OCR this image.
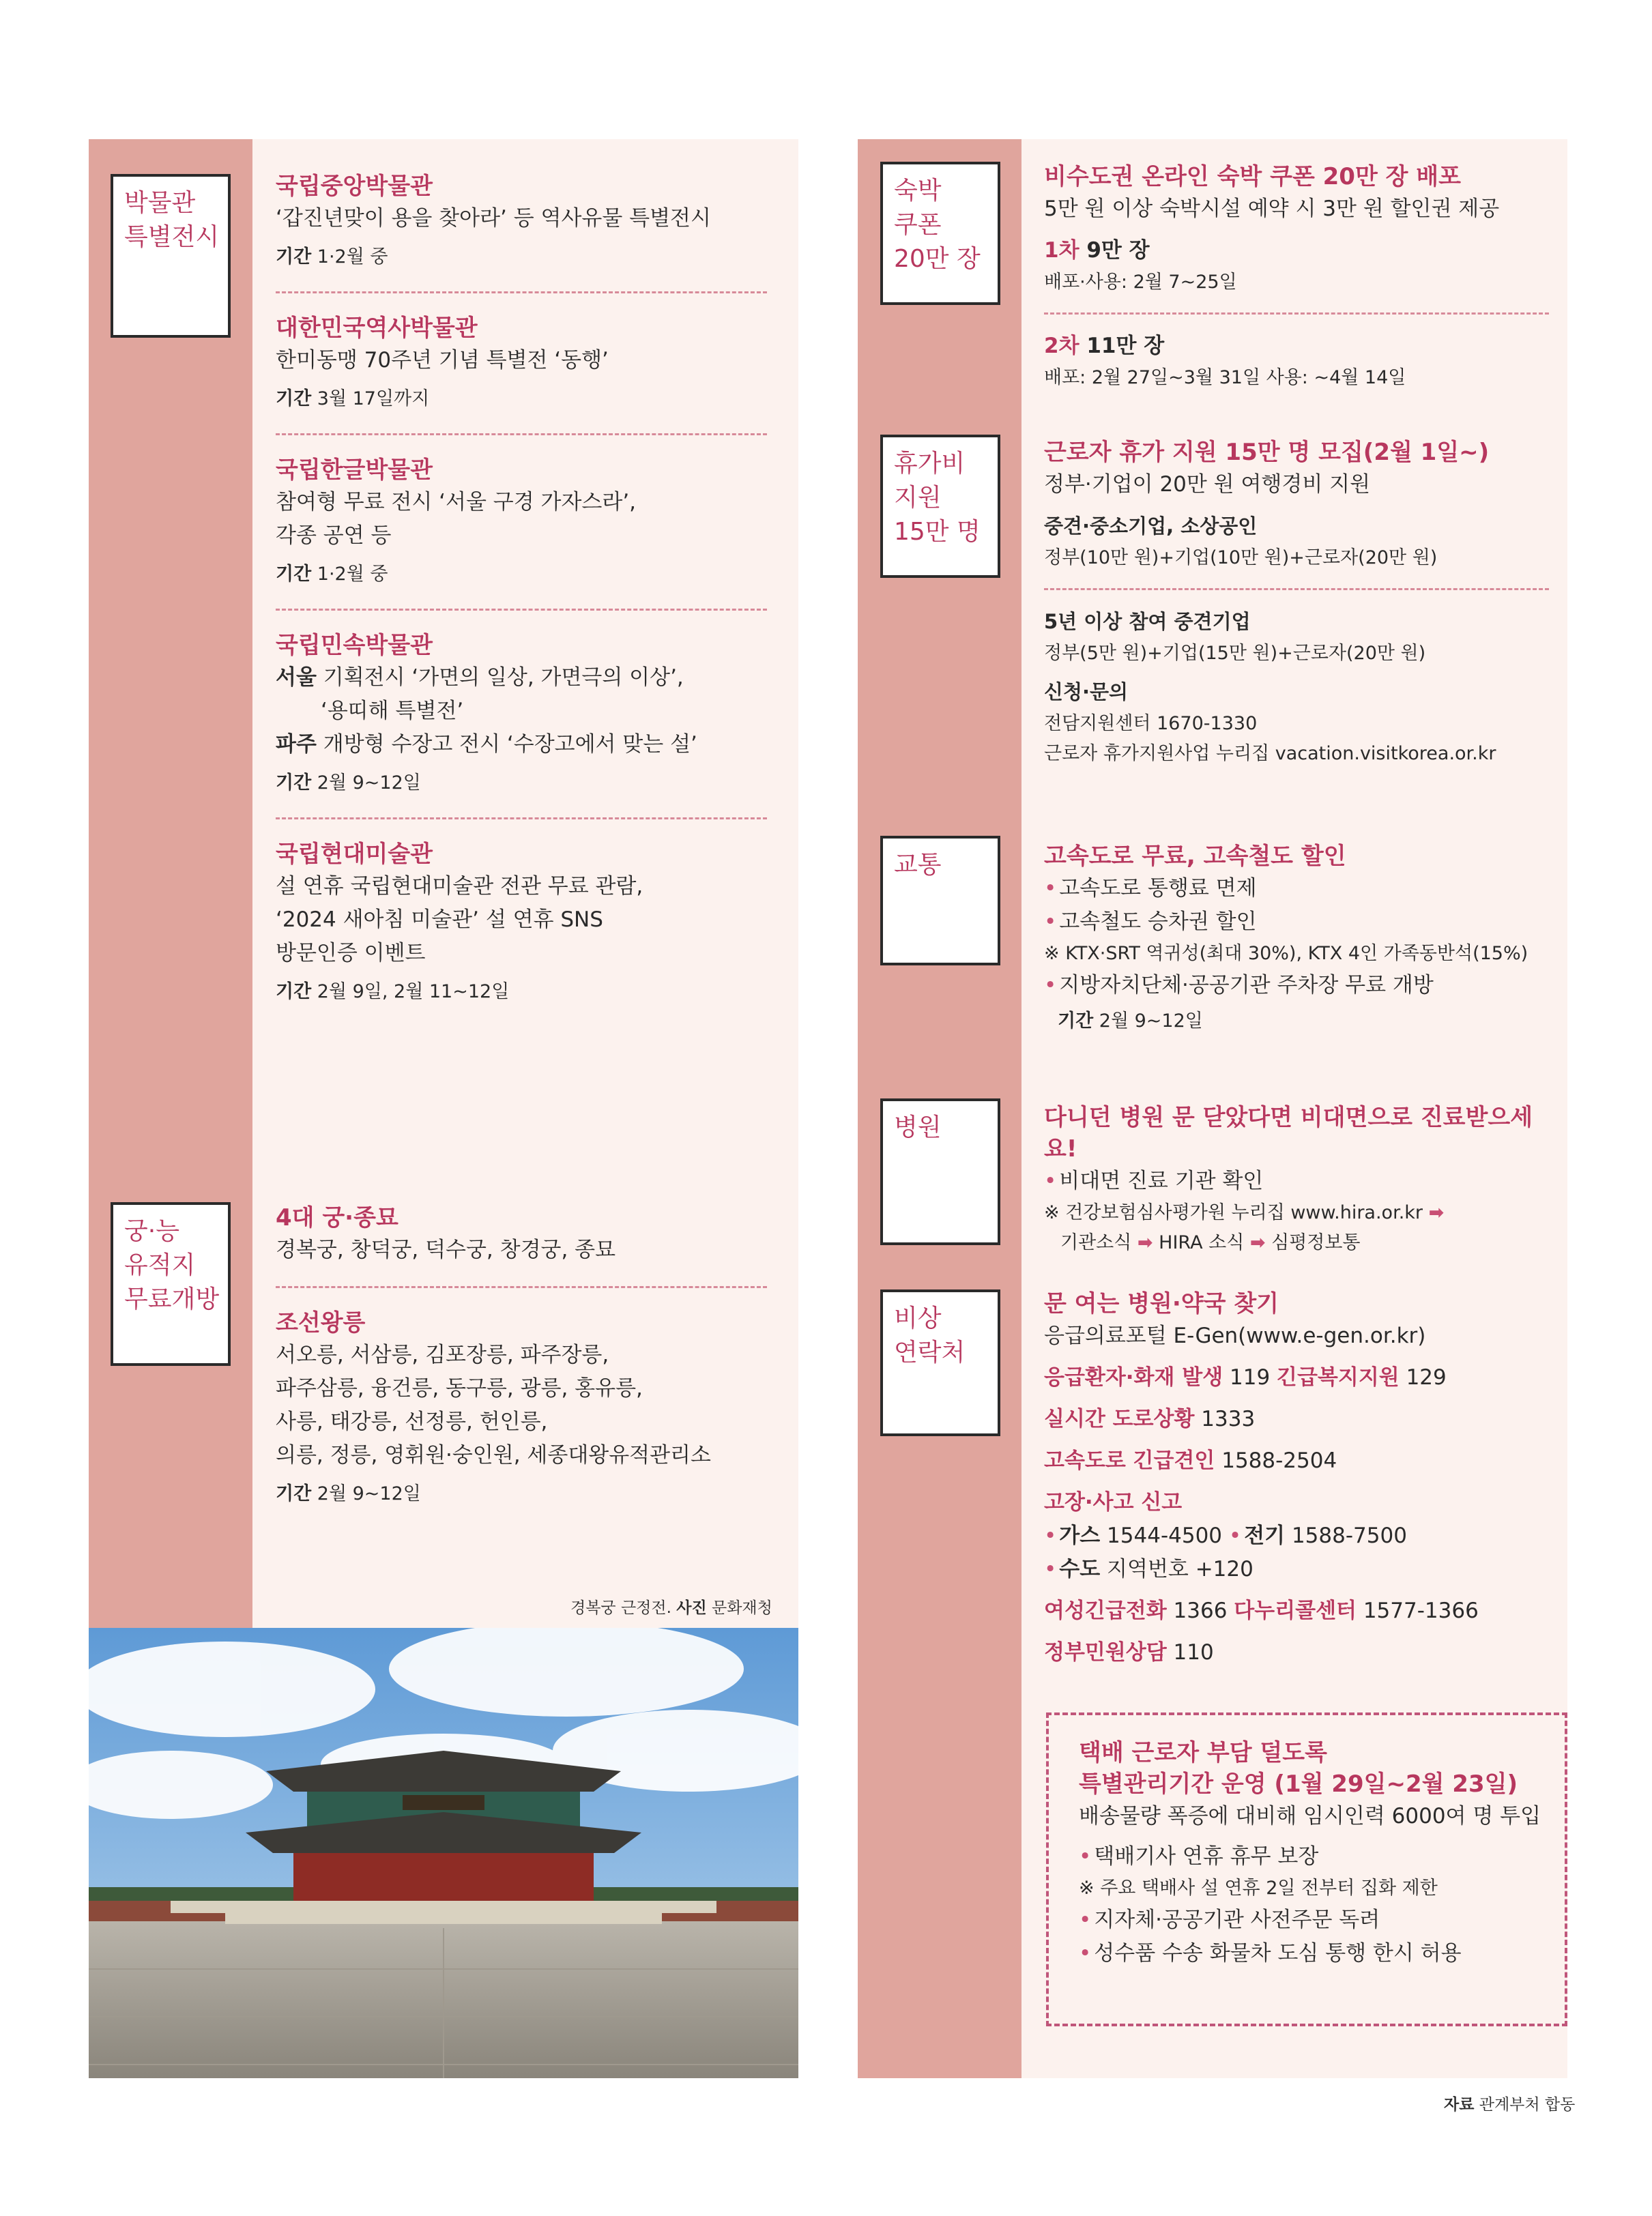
박물관
특별전시

국립중앙박물관

‘갑진년맞이 용을 찾아라’ 등 역사유물 특별전시

기간 1·2월 중

대한민국역사박물관

한미동맹 70주년 기념 특별전 ‘동행’

기간 3월 17일까지

국립한글박물관

참여형 무료 전시 ‘서울 구경 가자스라’,

각종 공연 등

기간 1·2월 중

국립민속박물관

서울 기획전시 ‘가면의 일상, 가면극의 이상’,

‘용띠해 특별전’

파주 개방형 수장고 전시 ‘수장고에서 맞는 설’

기간 2월 9~12일

국립현대미술관

설 연휴 국립현대미술관 전관 무료 관람,

‘2024 새아침 미술관’ 설 연휴 SNS

방문인증 이벤트

기간 2월 9일, 2월 11~12일

궁·능
유적지
무료개방

4대 궁·종묘

경복궁, 창덕궁, 덕수궁, 창경궁, 종묘

조선왕릉

서오릉, 서삼릉, 김포장릉, 파주장릉,

파주삼릉, 융건릉, 동구릉, 광릉, 홍유릉,

사릉, 태강릉, 선정릉, 헌인릉,

의릉, 정릉, 영휘원·숭인원, 세종대왕유적관리소

기간 2월 9~12일

경복궁 근정전. 사진 문화재청
숙박
쿠폰
20만 장
휴가비
지원
15만 명
교통
병원
비상
연락처

비수도권 온라인 숙박 쿠폰 20만 장 배포

5만 원 이상 숙박시설 예약 시 3만 원 할인권 제공

1차 9만 장

배포·사용: 2월 7~25일

2차 11만 장

배포: 2월 27일~3월 31일 사용: ~4월 14일

근로자 휴가 지원 15만 명 모집(2월 1일~)

정부·기업이 20만 원 여행경비 지원

중견·중소기업, 소상공인

정부(10만 원)+기업(10만 원)+근로자(20만 원)

5년 이상 참여 중견기업

정부(5만 원)+기업(15만 원)+근로자(20만 원)

신청·문의

전담지원센터 1670-1330

근로자 휴가지원사업 누리집 vacation.visitkorea.or.kr

고속도로 무료, 고속철도 할인

• 고속도로 통행료 면제

• 고속철도 승차권 할인

※ KTX·SRT 역귀성(최대 30%), KTX 4인 가족동반석(15%)

• 지방자치단체·공공기관 주차장 무료 개방

기간 2월 9~12일

다니던 병원 문 닫았다면 비대면으로 진료받으세요!

• 비대면 진료 기관 확인

※ 건강보험심사평가원 누리집 www.hira.or.kr ➡

기관소식 ➡ HIRA 소식 ➡ 심평정보통

문 여는 병원·약국 찾기

응급의료포털 E-Gen(www.e-gen.or.kr)

응급환자·화재 발생 119 긴급복지지원 129

실시간 도로상황 1333

고속도로 긴급견인 1588-2504

고장·사고 신고

• 가스 1544-4500 • 전기 1588-7500

• 수도 지역번호 +120

여성긴급전화 1366 다누리콜센터 1577-1366

정부민원상담 110

택배 근로자 부담 덜도록

특별관리기간 운영 (1월 29일~2월 23일)

배송물량 폭증에 대비해 임시인력 6000여 명 투입

• 택배기사 연휴 휴무 보장

※ 주요 택배사 설 연휴 2일 전부터 집화 제한

• 지자체·공공기관 사전주문 독려

• 성수품 수송 화물차 도심 통행 한시 허용

자료 관계부처 합동
